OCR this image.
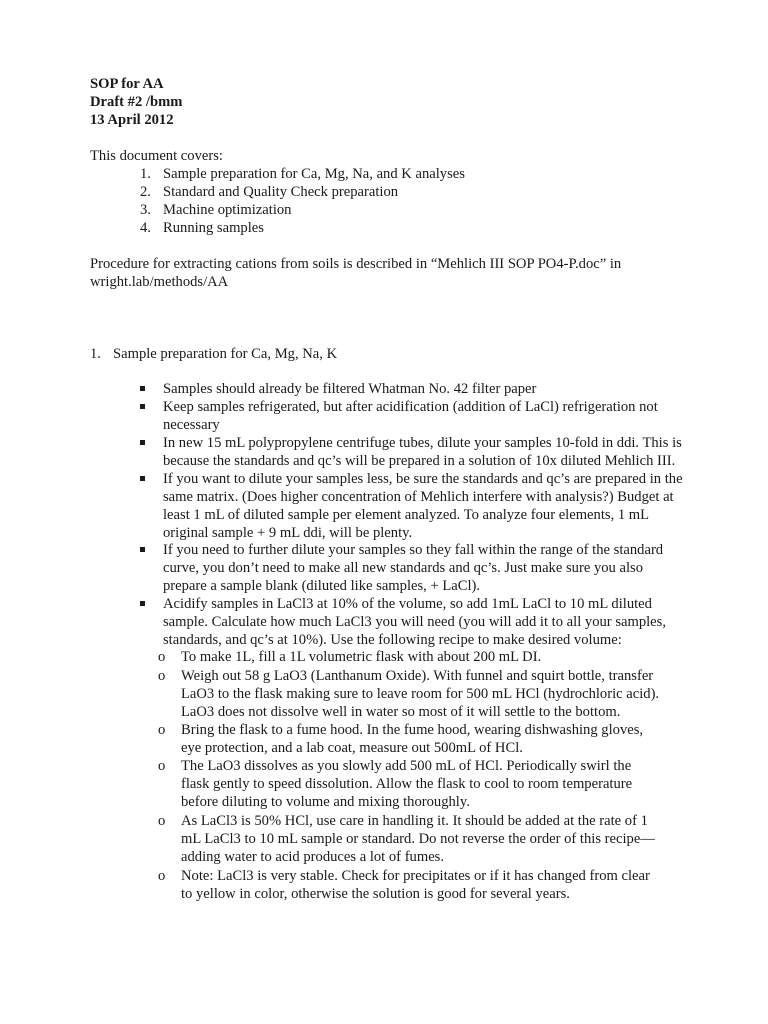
SOP for AA
Draft #2 /bmm
13 April 2012
This document covers:
1. Sample preparation for Ca, Mg, Na, and K analyses
2. Standard and Quality Check preparation
3. Machine optimization
4. Running samples
Procedure for extracting cations from soils is described in “Mehlich III SOP PO4-P.doc” in
wright.lab/methods/AA
1. Sample preparation for Ca, Mg, Na, K
Samples should already be filtered Whatman No. 42 filter paper
Keep samples refrigerated, but after acidification (addition of LaCl) refrigeration not
necessary
In new 15 mL polypropylene centrifuge tubes, dilute your samples 10-fold in ddi. This is
because the standards and qc’s will be prepared in a solution of 10x diluted Mehlich III.
If you want to dilute your samples less, be sure the standards and qc’s are prepared in the
same matrix. (Does higher concentration of Mehlich interfere with analysis?) Budget at
least 1 mL of diluted sample per element analyzed. To analyze four elements, 1 mL
original sample + 9 mL ddi, will be plenty.
If you need to further dilute your samples so they fall within the range of the standard
curve, you don’t need to make all new standards and qc’s. Just make sure you also
prepare a sample blank (diluted like samples, + LaCl).
Acidify samples in LaCl3 at 10% of the volume, so add 1mL LaCl to 10 mL diluted
sample. Calculate how much LaCl3 you will need (you will add it to all your samples,
standards, and qc’s at 10%). Use the following recipe to make desired volume:
o To make 1L, fill a 1L volumetric flask with about 200 mL DI.
o Weigh out 58 g LaO3 (Lanthanum Oxide). With funnel and squirt bottle, transfer
LaO3 to the flask making sure to leave room for 500 mL HCl (hydrochloric acid).
LaO3 does not dissolve well in water so most of it will settle to the bottom.
o Bring the flask to a fume hood. In the fume hood, wearing dishwashing gloves,
eye protection, and a lab coat, measure out 500mL of HCl.
o The LaO3 dissolves as you slowly add 500 mL of HCl. Periodically swirl the
flask gently to speed dissolution. Allow the flask to cool to room temperature
before diluting to volume and mixing thoroughly.
o As LaCl3 is 50% HCl, use care in handling it. It should be added at the rate of 1
mL LaCl3 to 10 mL sample or standard. Do not reverse the order of this recipe—
adding water to acid produces a lot of fumes.
o Note: LaCl3 is very stable. Check for precipitates or if it has changed from clear
to yellow in color, otherwise the solution is good for several years.
